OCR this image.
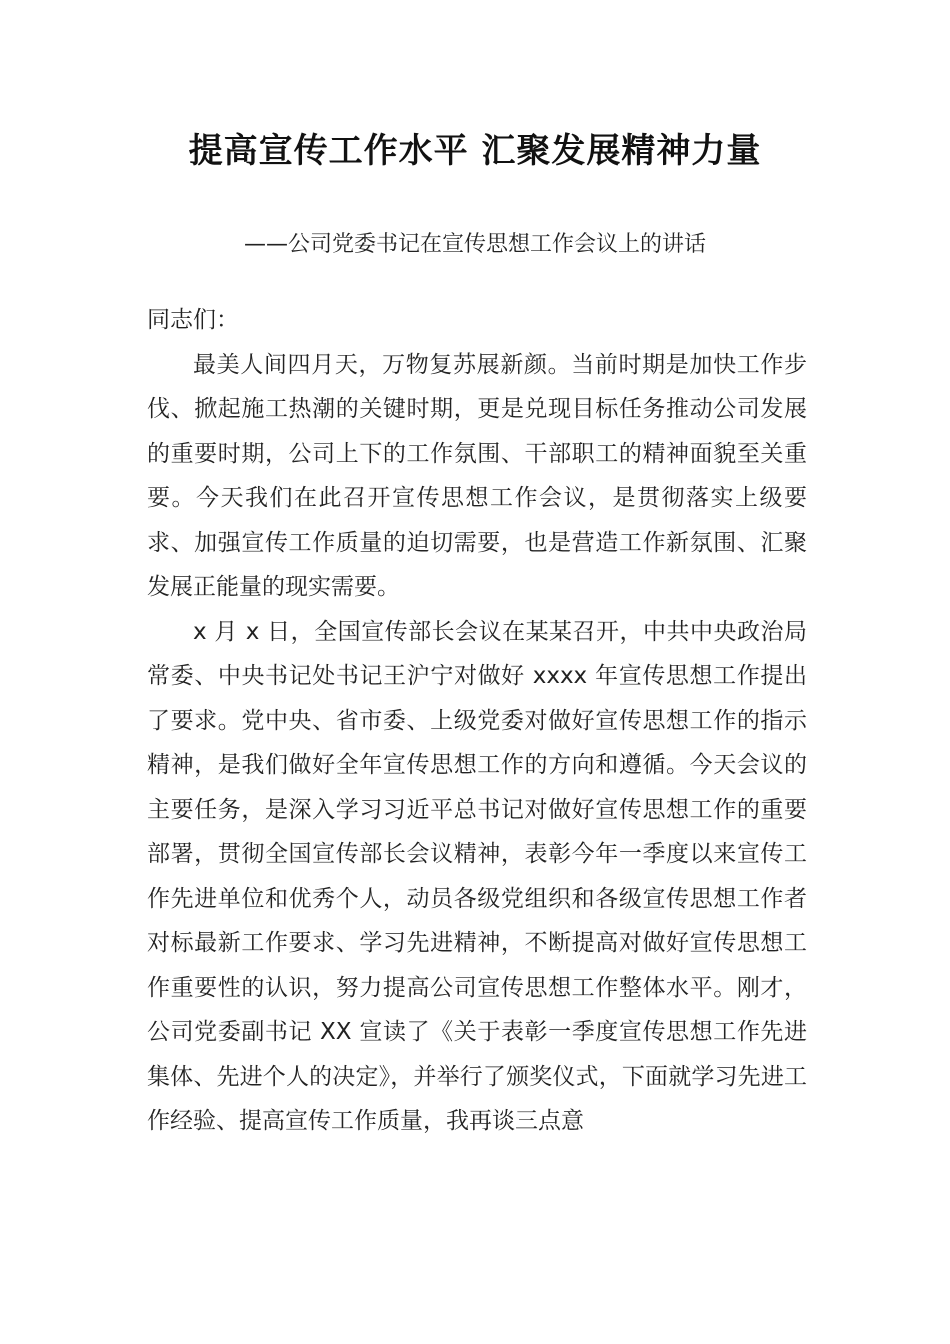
提高宣传工作水平 汇聚发展精神力量
——公司党委书记在宣传思想工作会议上的讲话

同志们：

最美人间四月天，万物复苏展新颜。当前时期是加快工作步伐、掀起施工热潮的关键时期，更是兑现目标任务推动公司发展的重要时期，公司上下的工作氛围、干部职工的精神面貌至关重要。今天我们在此召开宣传思想工作会议，是贯彻落实上级要求、加强宣传工作质量的迫切需要，也是营造工作新氛围、汇聚发展正能量的现实需要。

x 月 x 日，全国宣传部长会议在某某召开，中共中央政治局常委、中央书记处书记王沪宁对做好 xxxx 年宣传思想工作提出了要求。党中央、省市委、上级党委对做好宣传思想工作的指示精神，是我们做好全年宣传思想工作的方向和遵循。今天会议的主要任务，是深入学习习近平总书记对做好宣传思想工作的重要部署，贯彻全国宣传部长会议精神，表彰今年一季度以来宣传工作先进单位和优秀个人，动员各级党组织和各级宣传思想工作者对标最新工作要求、学习先进精神，不断提高对做好宣传思想工作重要性的认识，努力提高公司宣传思想工作整体水平。刚才，公司党委副书记 XX 宣读了《关于表彰一季度宣传思想工作先进集体、先进个人的决定》，并举行了颁奖仪式，下面就学习先进工作经验、提高宣传工作质量，我再谈三点意
